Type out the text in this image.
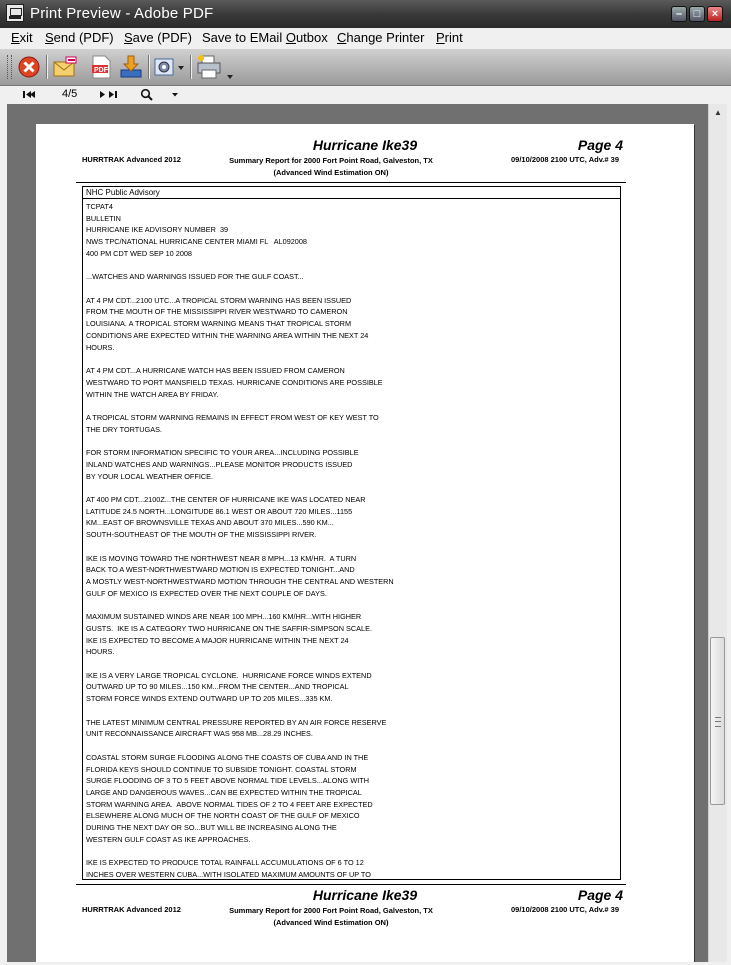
Print Preview - Adobe PDF	–	□	×
Exit Send (PDF) Save (PDF) Save to EMail Outbox Change Printer Print
PDF
4/5
Hurricane Ike39	Page 4
HURRTRAK Advanced 2012	Summary Report for 2000 Fort Point Road, Galveston, TX
(Advanced Wind Estimation ON)
09/10/2008 2100 UTC, Adv.# 39
NHC Public Advisory
TCPAT4
BULLETIN
HURRICANE IKE ADVISORY NUMBER  39
NWS TPC/NATIONAL HURRICANE CENTER MIAMI FL   AL092008
400 PM CDT WED SEP 10 2008

...WATCHES AND WARNINGS ISSUED FOR THE GULF COAST...

AT 4 PM CDT...2100 UTC...A TROPICAL STORM WARNING HAS BEEN ISSUED
FROM THE MOUTH OF THE MISSISSIPPI RIVER WESTWARD TO CAMERON
LOUISIANA. A TROPICAL STORM WARNING MEANS THAT TROPICAL STORM
CONDITIONS ARE EXPECTED WITHIN THE WARNING AREA WITHIN THE NEXT 24
HOURS.

AT 4 PM CDT...A HURRICANE WATCH HAS BEEN ISSUED FROM CAMERON
WESTWARD TO PORT MANSFIELD TEXAS. HURRICANE CONDITIONS ARE POSSIBLE
WITHIN THE WATCH AREA BY FRIDAY.

A TROPICAL STORM WARNING REMAINS IN EFFECT FROM WEST OF KEY WEST TO
THE DRY TORTUGAS.

FOR STORM INFORMATION SPECIFIC TO YOUR AREA...INCLUDING POSSIBLE
INLAND WATCHES AND WARNINGS...PLEASE MONITOR PRODUCTS ISSUED
BY YOUR LOCAL WEATHER OFFICE.

AT 400 PM CDT...2100Z...THE CENTER OF HURRICANE IKE WAS LOCATED NEAR
LATITUDE 24.5 NORTH...LONGITUDE 86.1 WEST OR ABOUT 720 MILES...1155
KM...EAST OF BROWNSVILLE TEXAS AND ABOUT 370 MILES...590 KM...
SOUTH-SOUTHEAST OF THE MOUTH OF THE MISSISSIPPI RIVER.

IKE IS MOVING TOWARD THE NORTHWEST NEAR 8 MPH...13 KM/HR.  A TURN
BACK TO A WEST-NORTHWESTWARD MOTION IS EXPECTED TONIGHT...AND
A MOSTLY WEST-NORTHWESTWARD MOTION THROUGH THE CENTRAL AND WESTERN
GULF OF MEXICO IS EXPECTED OVER THE NEXT COUPLE OF DAYS.

MAXIMUM SUSTAINED WINDS ARE NEAR 100 MPH...160 KM/HR...WITH HIGHER
GUSTS.  IKE IS A CATEGORY TWO HURRICANE ON THE SAFFIR-SIMPSON SCALE.
IKE IS EXPECTED TO BECOME A MAJOR HURRICANE WITHIN THE NEXT 24
HOURS.

IKE IS A VERY LARGE TROPICAL CYCLONE.  HURRICANE FORCE WINDS EXTEND
OUTWARD UP TO 90 MILES...150 KM...FROM THE CENTER...AND TROPICAL
STORM FORCE WINDS EXTEND OUTWARD UP TO 205 MILES...335 KM.

THE LATEST MINIMUM CENTRAL PRESSURE REPORTED BY AN AIR FORCE RESERVE
UNIT RECONNAISSANCE AIRCRAFT WAS 958 MB...28.29 INCHES.

COASTAL STORM SURGE FLOODING ALONG THE COASTS OF CUBA AND IN THE
FLORIDA KEYS SHOULD CONTINUE TO SUBSIDE TONIGHT. COASTAL STORM
SURGE FLOODING OF 3 TO 5 FEET ABOVE NORMAL TIDE LEVELS...ALONG WITH
LARGE AND DANGEROUS WAVES...CAN BE EXPECTED WITHIN THE TROPICAL
STORM WARNING AREA.  ABOVE NORMAL TIDES OF 2 TO 4 FEET ARE EXPECTED
ELSEWHERE ALONG MUCH OF THE NORTH COAST OF THE GULF OF MEXICO
DURING THE NEXT DAY OR SO...BUT WILL BE INCREASING ALONG THE
WESTERN GULF COAST AS IKE APPROACHES.

IKE IS EXPECTED TO PRODUCE TOTAL RAINFALL ACCUMULATIONS OF 6 TO 12
INCHES OVER WESTERN CUBA...WITH ISOLATED MAXIMUM AMOUNTS OF UP TO
Hurricane Ike39	Page 4
HURRTRAK Advanced 2012	Summary Report for 2000 Fort Point Road, Galveston, TX
(Advanced Wind Estimation ON)
09/10/2008 2100 UTC, Adv.# 39
▲
